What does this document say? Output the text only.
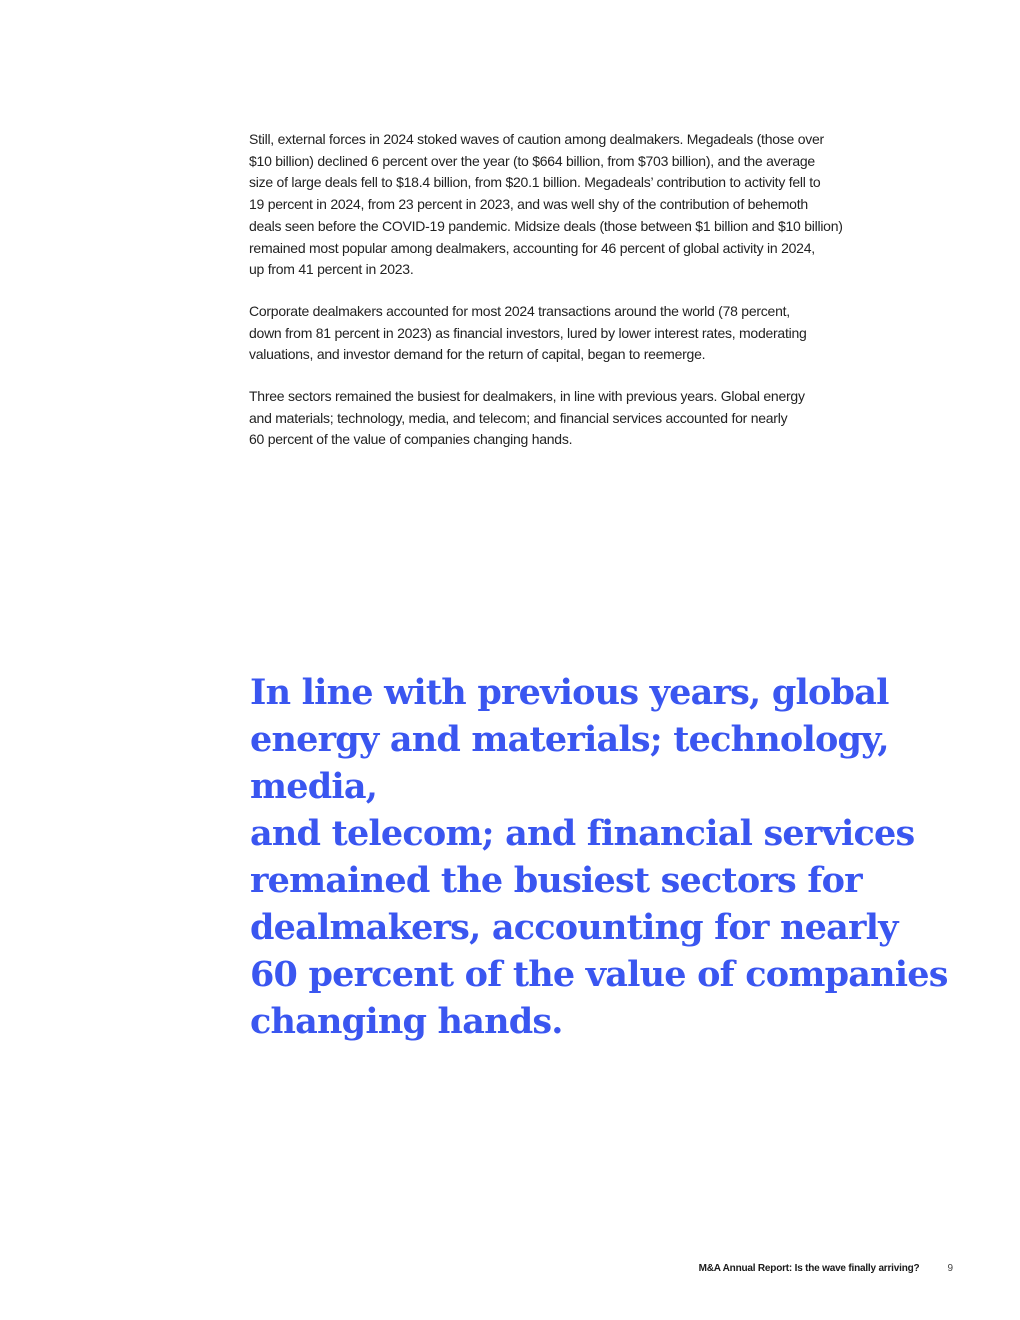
Still, external forces in 2024 stoked waves of caution among dealmakers. Megadeals (those over
$10 billion) declined 6 percent over the year (to $664 billion, from $703 billion), and the average
size of large deals fell to $18.4 billion, from $20.1 billion. Megadeals’ contribution to activity fell to
19 percent in 2024, from 23 percent in 2023, and was well shy of the contribution of behemoth
deals seen before the COVID-19 pandemic. Midsize deals (those between $1 billion and $10 billion)
remained most popular among dealmakers, accounting for 46 percent of global activity in 2024,
up from 41 percent in 2023.

Corporate dealmakers accounted for most 2024 transactions around the world (78 percent,
down from 81 percent in 2023) as financial investors, lured by lower interest rates, moderating
valuations, and investor demand for the return of capital, began to reemerge.

Three sectors remained the busiest for dealmakers, in line with previous years. Global energy
and materials; technology, media, and telecom; and financial services accounted for nearly
60 percent of the value of companies changing hands.

In line with previous years, global
energy and materials; technology, media,
and telecom; and financial services
remained the busiest sectors for
dealmakers, accounting for nearly
60 percent of the value of companies
changing hands.
M&A Annual Report: Is the wave finally arriving?	9
